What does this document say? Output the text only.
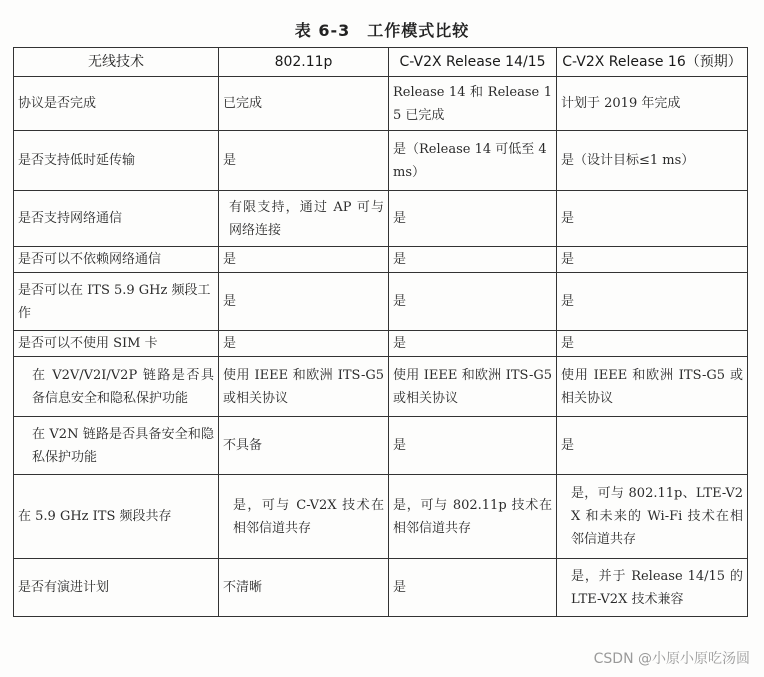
表 6-3　工作模式比较
无线技术	802.11p	C-V2X Release 14/15	C-V2X Release 16（预期）
协议是否完成	已完成	Release 14 和 Release 15 已完成	计划于 2019 年完成
是否支持低时延传输	是	是（Release 14 可低至 4 ms）	是（设计目标≤1 ms）
是否支持网络通信	有限支持，通过 AP 可与网络连接	是	是
是否可以不依赖网络通信	是	是	是
是否可以在 ITS 5.9 GHz 频段工作	是	是	是
是否可以不使用 SIM 卡	是	是	是
在 V2V/V2I/V2P 链路是否具备信息安全和隐私保护功能	使用 IEEE 和欧洲 ITS-G5 或相关协议	使用 IEEE 和欧洲 ITS-G5 或相关协议	使用 IEEE 和欧洲 ITS-G5 或相关协议
在 V2N 链路是否具备安全和隐私保护功能	不具备	是	是
在 5.9 GHz ITS 频段共存	是，可与 C-V2X 技术在相邻信道共存	是，可与 802.11p 技术在相邻信道共存	是，可与 802.11p、LTE-V2X 和未来的 Wi-Fi 技术在相邻信道共存
是否有演进计划	不清晰	是	是，并于 Release 14/15 的 LTE-V2X 技术兼容
CSDN @小原小原吃汤圆
